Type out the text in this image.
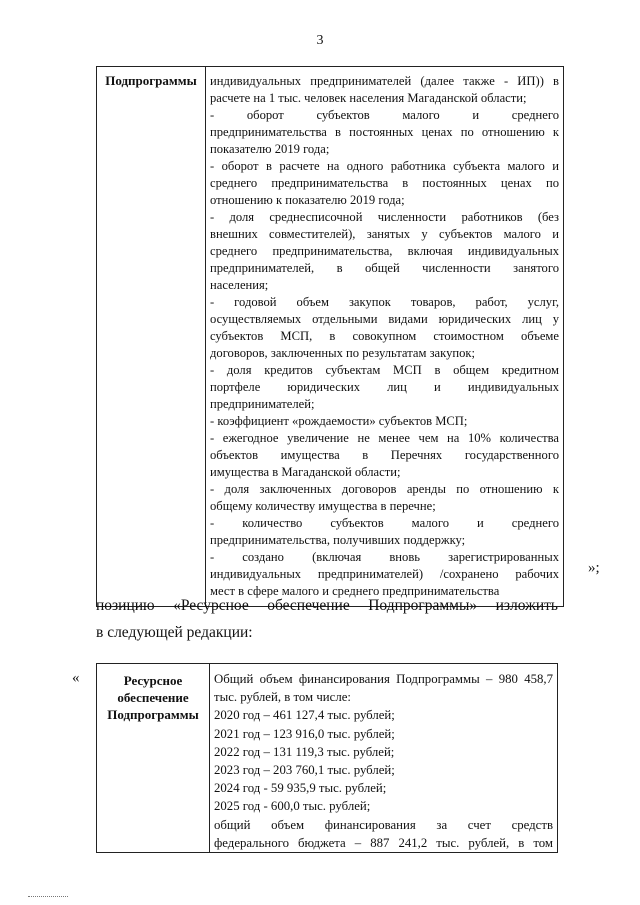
3
Подпрограммы	индивидуальных предпринимателей (далее также - ИП)) в
расчете на 1 тыс. человек населения Магаданской области;
- оборот субъектов малого и среднего
предпринимательства в постоянных ценах по отношению к
показателю 2019 года;
- оборот в расчете на одного работника субъекта малого и
среднего предпринимательства в постоянных ценах по
отношению к показателю 2019 года;
- доля среднесписочной численности работников (без
внешних совместителей), занятых у субъектов малого и
среднего предпринимательства, включая индивидуальных
предпринимателей, в общей численности занятого
населения;
- годовой объем закупок товаров, работ, услуг,
осуществляемых отдельными видами юридических лиц у
субъектов МСП, в совокупном стоимостном объеме
договоров, заключенных по результатам закупок;
- доля кредитов субъектам МСП в общем кредитном
портфеле юридических лиц и индивидуальных
предпринимателей;
- коэффициент «рождаемости» субъектов МСП;
- ежегодное увеличение не менее чем на 10% количества
объектов имущества в Перечнях государственного
имущества в Магаданской области;
- доля заключенных договоров аренды по отношению к
общему количеству имущества в перечне;
- количество субъектов малого и среднего
предпринимательства, получивших поддержку;
- создано (включая вновь зарегистрированных
индивидуальных предпринимателей) /сохранено рабочих
мест в сфере малого и среднего предпринимательства
»;
позицию «Ресурсное обеспечение Подпрограммы» изложить
в следующей редакции:
«	Ресурсное
обеспечение
Подпрограммы

Общий объем финансирования Подпрограммы – 980 458,7
тыс. рублей, в том числе:
2020 год – 461 127,4 тыс. рублей;
2021 год – 123 916,0 тыс. рублей;
2022 год – 131 119,3 тыс. рублей;
2023 год – 203 760,1 тыс. рублей;
2024 год - 59 935,9 тыс. рублей;
2025 год - 600,0 тыс. рублей;
общий объем финансирования за счет средств
федерального бюджета – 887 241,2 тыс. рублей, в том
